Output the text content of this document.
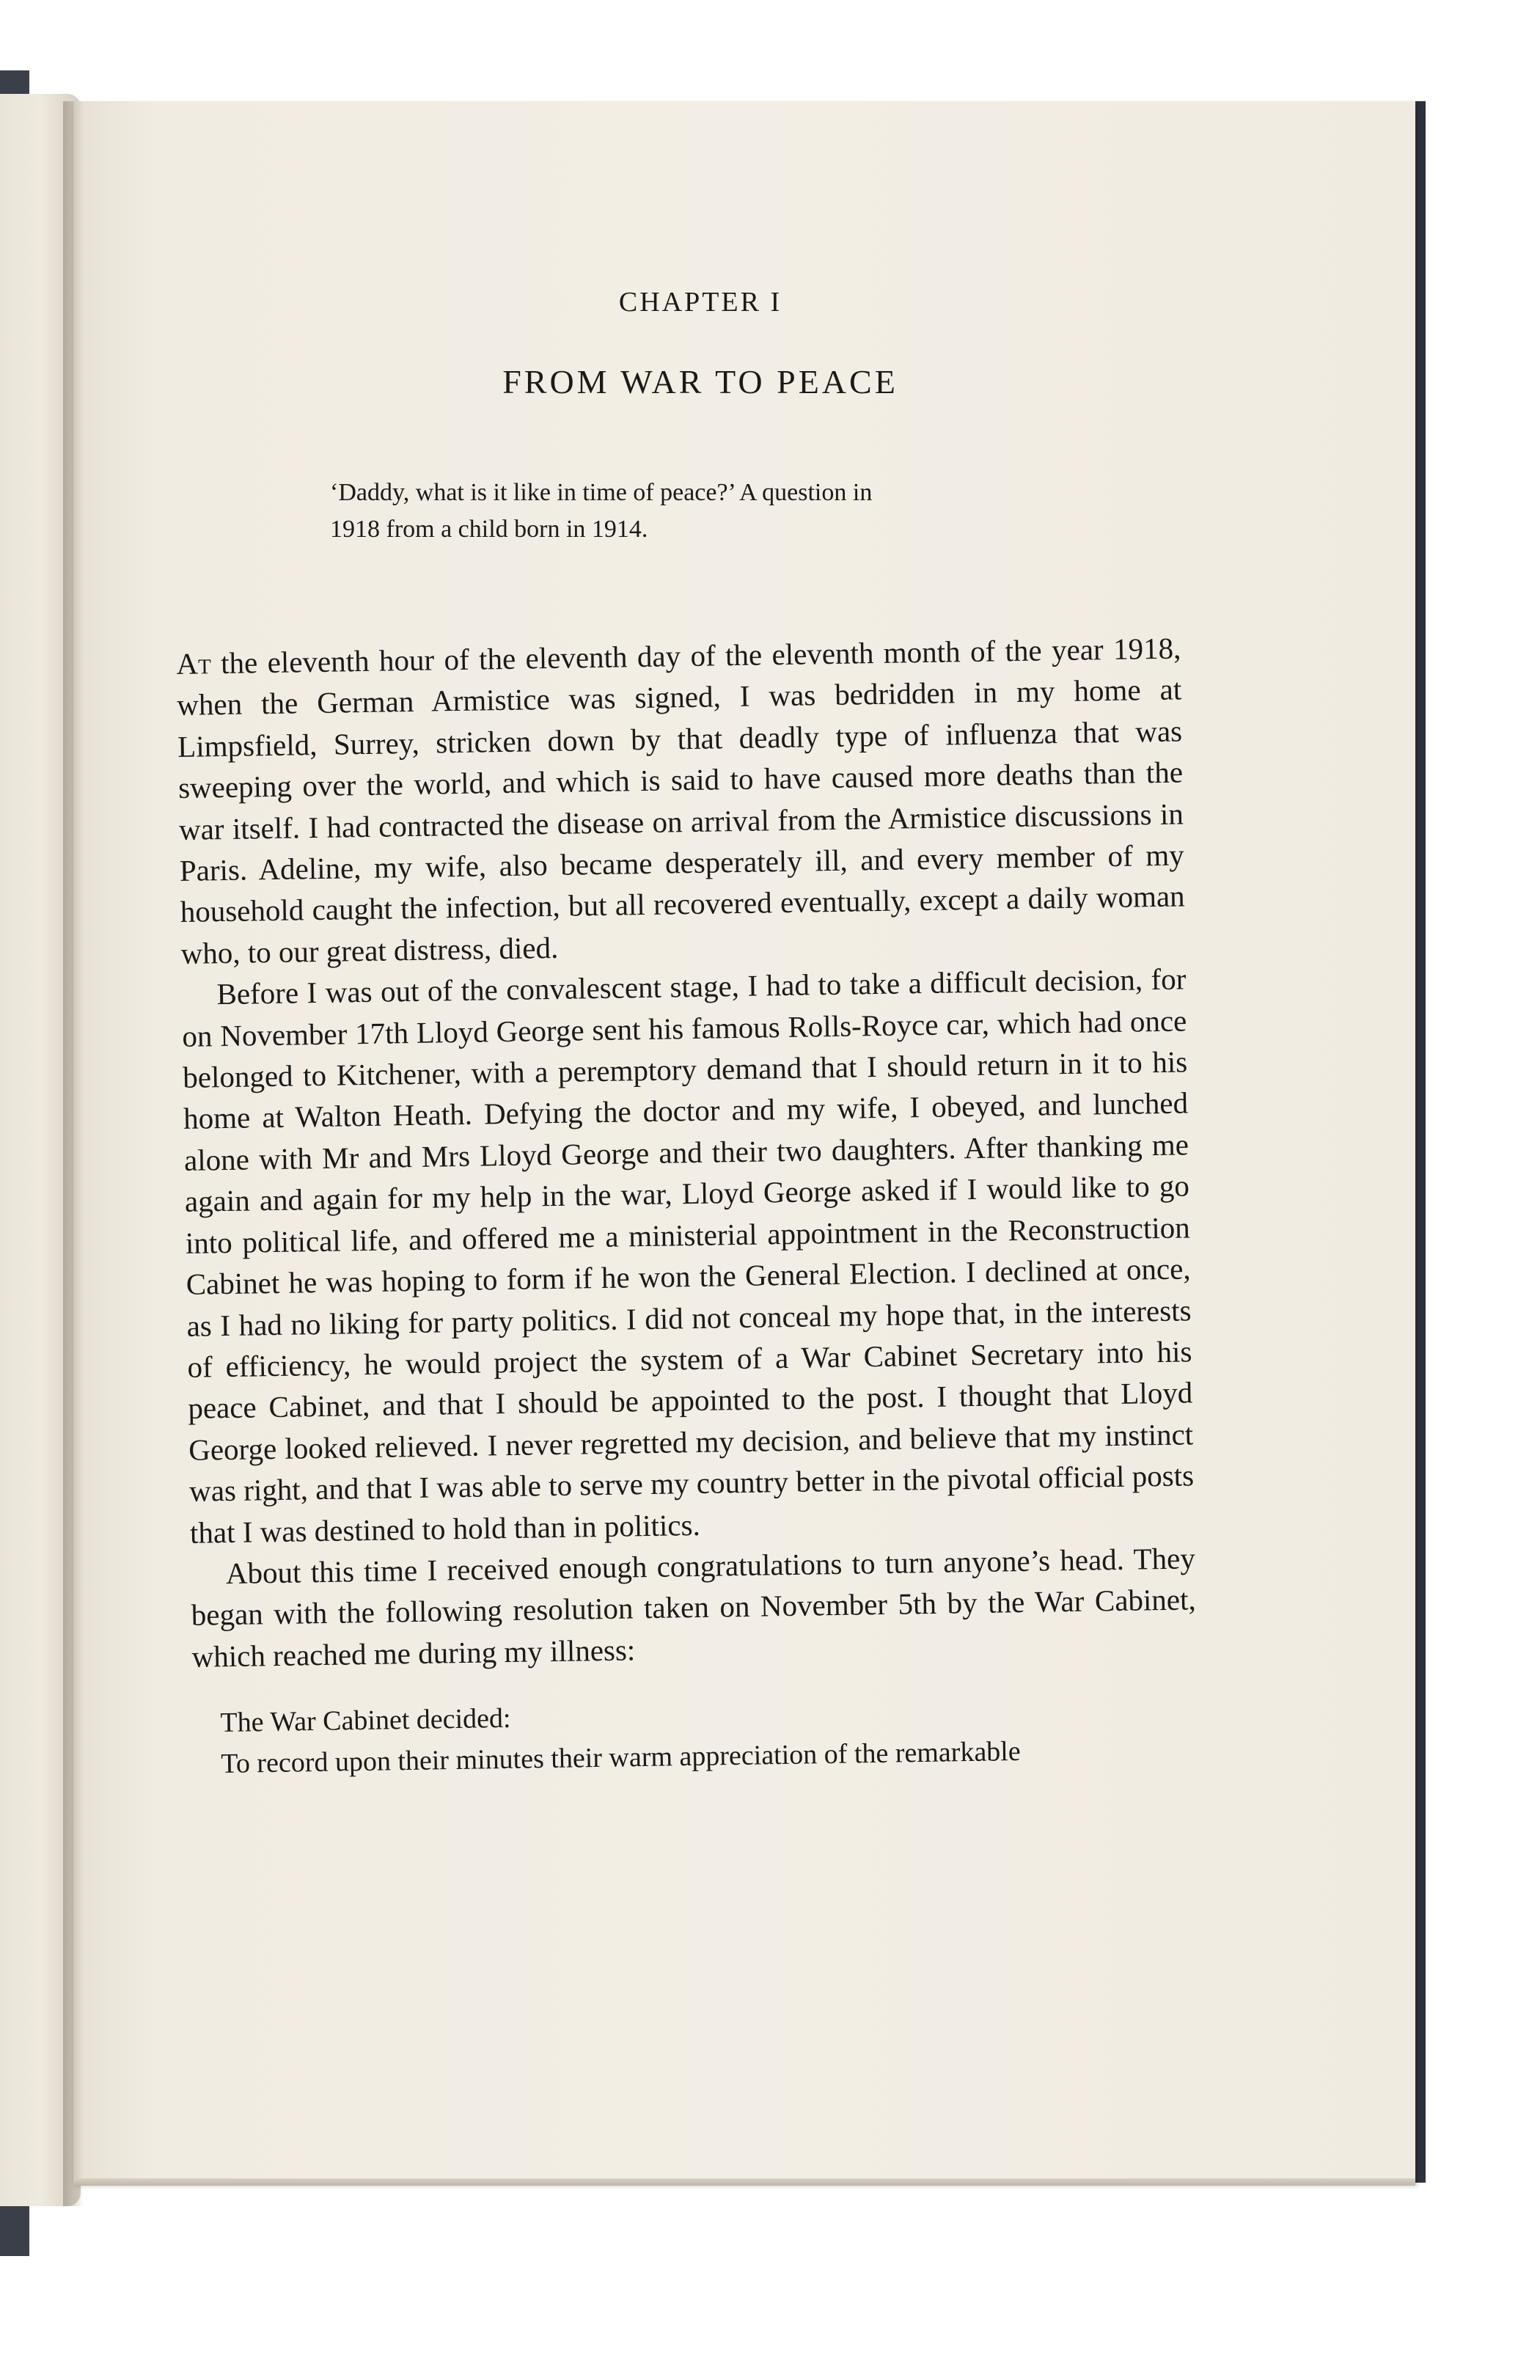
CHAPTER I
FROM WAR TO PEACE
‘Daddy, what is it like in time of peace?’ A question in
1918 from a child born in 1914.

At the eleventh hour of the eleventh day of the eleventh month of the year 1918, when the German Armistice was signed, I was bedridden in my home at Limpsfield, Surrey, stricken down by that deadly type of influenza that was sweeping over the world, and which is said to have caused more deaths than the war itself. I had contracted the disease on arrival from the Armistice discussions in Paris. Adeline, my wife, also became desperately ill, and every member of my household caught the infection, but all recovered eventually, except a daily woman who, to our great distress, died.

Before I was out of the convalescent stage, I had to take a difficult decision, for on November 17th Lloyd George sent his famous Rolls-Royce car, which had once belonged to Kitchener, with a peremptory demand that I should return in it to his home at Walton Heath. Defying the doctor and my wife, I obeyed, and lunched alone with Mr and Mrs Lloyd George and their two daughters. After thanking me again and again for my help in the war, Lloyd George asked if I would like to go into political life, and offered me a ministerial appointment in the Reconstruction Cabinet he was hoping to form if he won the General Election. I declined at once, as I had no liking for party politics. I did not conceal my hope that, in the interests of efficiency, he would project the system of a War Cabinet Secretary into his peace Cabinet, and that I should be appointed to the post. I thought that Lloyd George looked relieved. I never regretted my decision, and believe that my instinct was right, and that I was able to serve my country better in the pivotal official posts that I was destined to hold than in politics.

About this time I received enough congratulations to turn anyone’s head. They began with the following resolution taken on November 5th by the War Cabinet, which reached me during my illness:

The War Cabinet decided:

To record upon their minutes their warm appreciation of the remarkable
